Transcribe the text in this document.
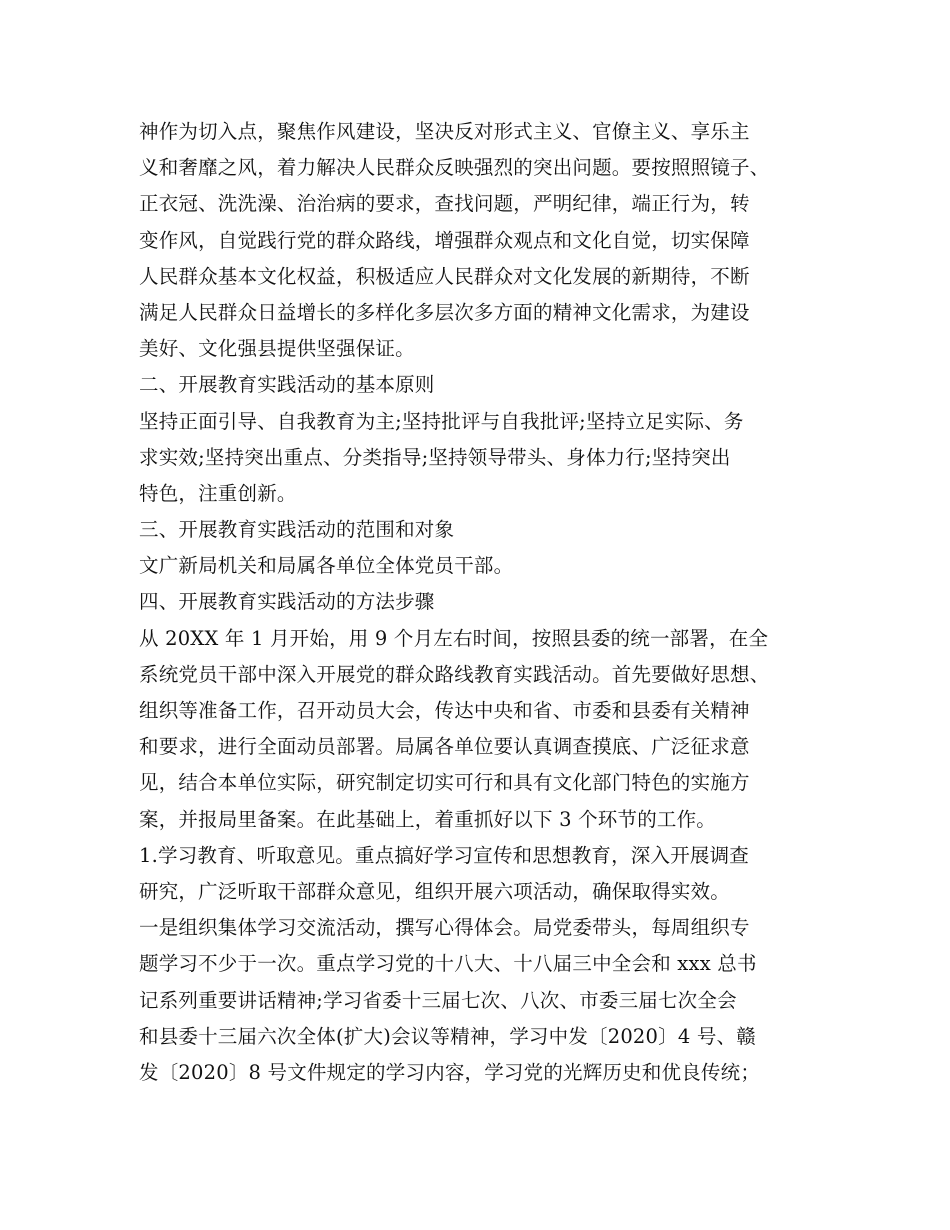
神作为切入点，聚焦作风建设，坚决反对形式主义、官僚主义、享乐主
义和奢靡之风，着力解决人民群众反映强烈的突出问题。要按照照镜子、
正衣冠、洗洗澡、治治病的要求，查找问题，严明纪律，端正行为，转
变作风，自觉践行党的群众路线，增强群众观点和文化自觉，切实保障
人民群众基本文化权益，积极适应人民群众对文化发展的新期待，不断
满足人民群众日益增长的多样化多层次多方面的精神文化需求，为建设
美好、文化强县提供坚强保证。
二、开展教育实践活动的基本原则
坚持正面引导、自我教育为主;坚持批评与自我批评;坚持立足实际、务
求实效;坚持突出重点、分类指导;坚持领导带头、身体力行;坚持突出
特色，注重创新。
三、开展教育实践活动的范围和对象
文广新局机关和局属各单位全体党员干部。
四、开展教育实践活动的方法步骤
从 20XX 年 1 月开始，用 9 个月左右时间，按照县委的统一部署，在全
系统党员干部中深入开展党的群众路线教育实践活动。首先要做好思想、
组织等准备工作，召开动员大会，传达中央和省、市委和县委有关精神
和要求，进行全面动员部署。局属各单位要认真调查摸底、广泛征求意
见，结合本单位实际，研究制定切实可行和具有文化部门特色的实施方
案，并报局里备案。在此基础上，着重抓好以下 3 个环节的工作。
1.学习教育、听取意见。重点搞好学习宣传和思想教育，深入开展调查
研究，广泛听取干部群众意见，组织开展六项活动，确保取得实效。
一是组织集体学习交流活动，撰写心得体会。局党委带头，每周组织专
题学习不少于一次。重点学习党的十八大、十八届三中全会和 xxx 总书
记系列重要讲话精神;学习省委十三届七次、八次、市委三届七次全会
和县委十三届六次全体(扩大)会议等精神，学习中发〔2020〕4 号、赣
发〔2020〕8 号文件规定的学习内容，学习党的光辉历史和优良传统；
